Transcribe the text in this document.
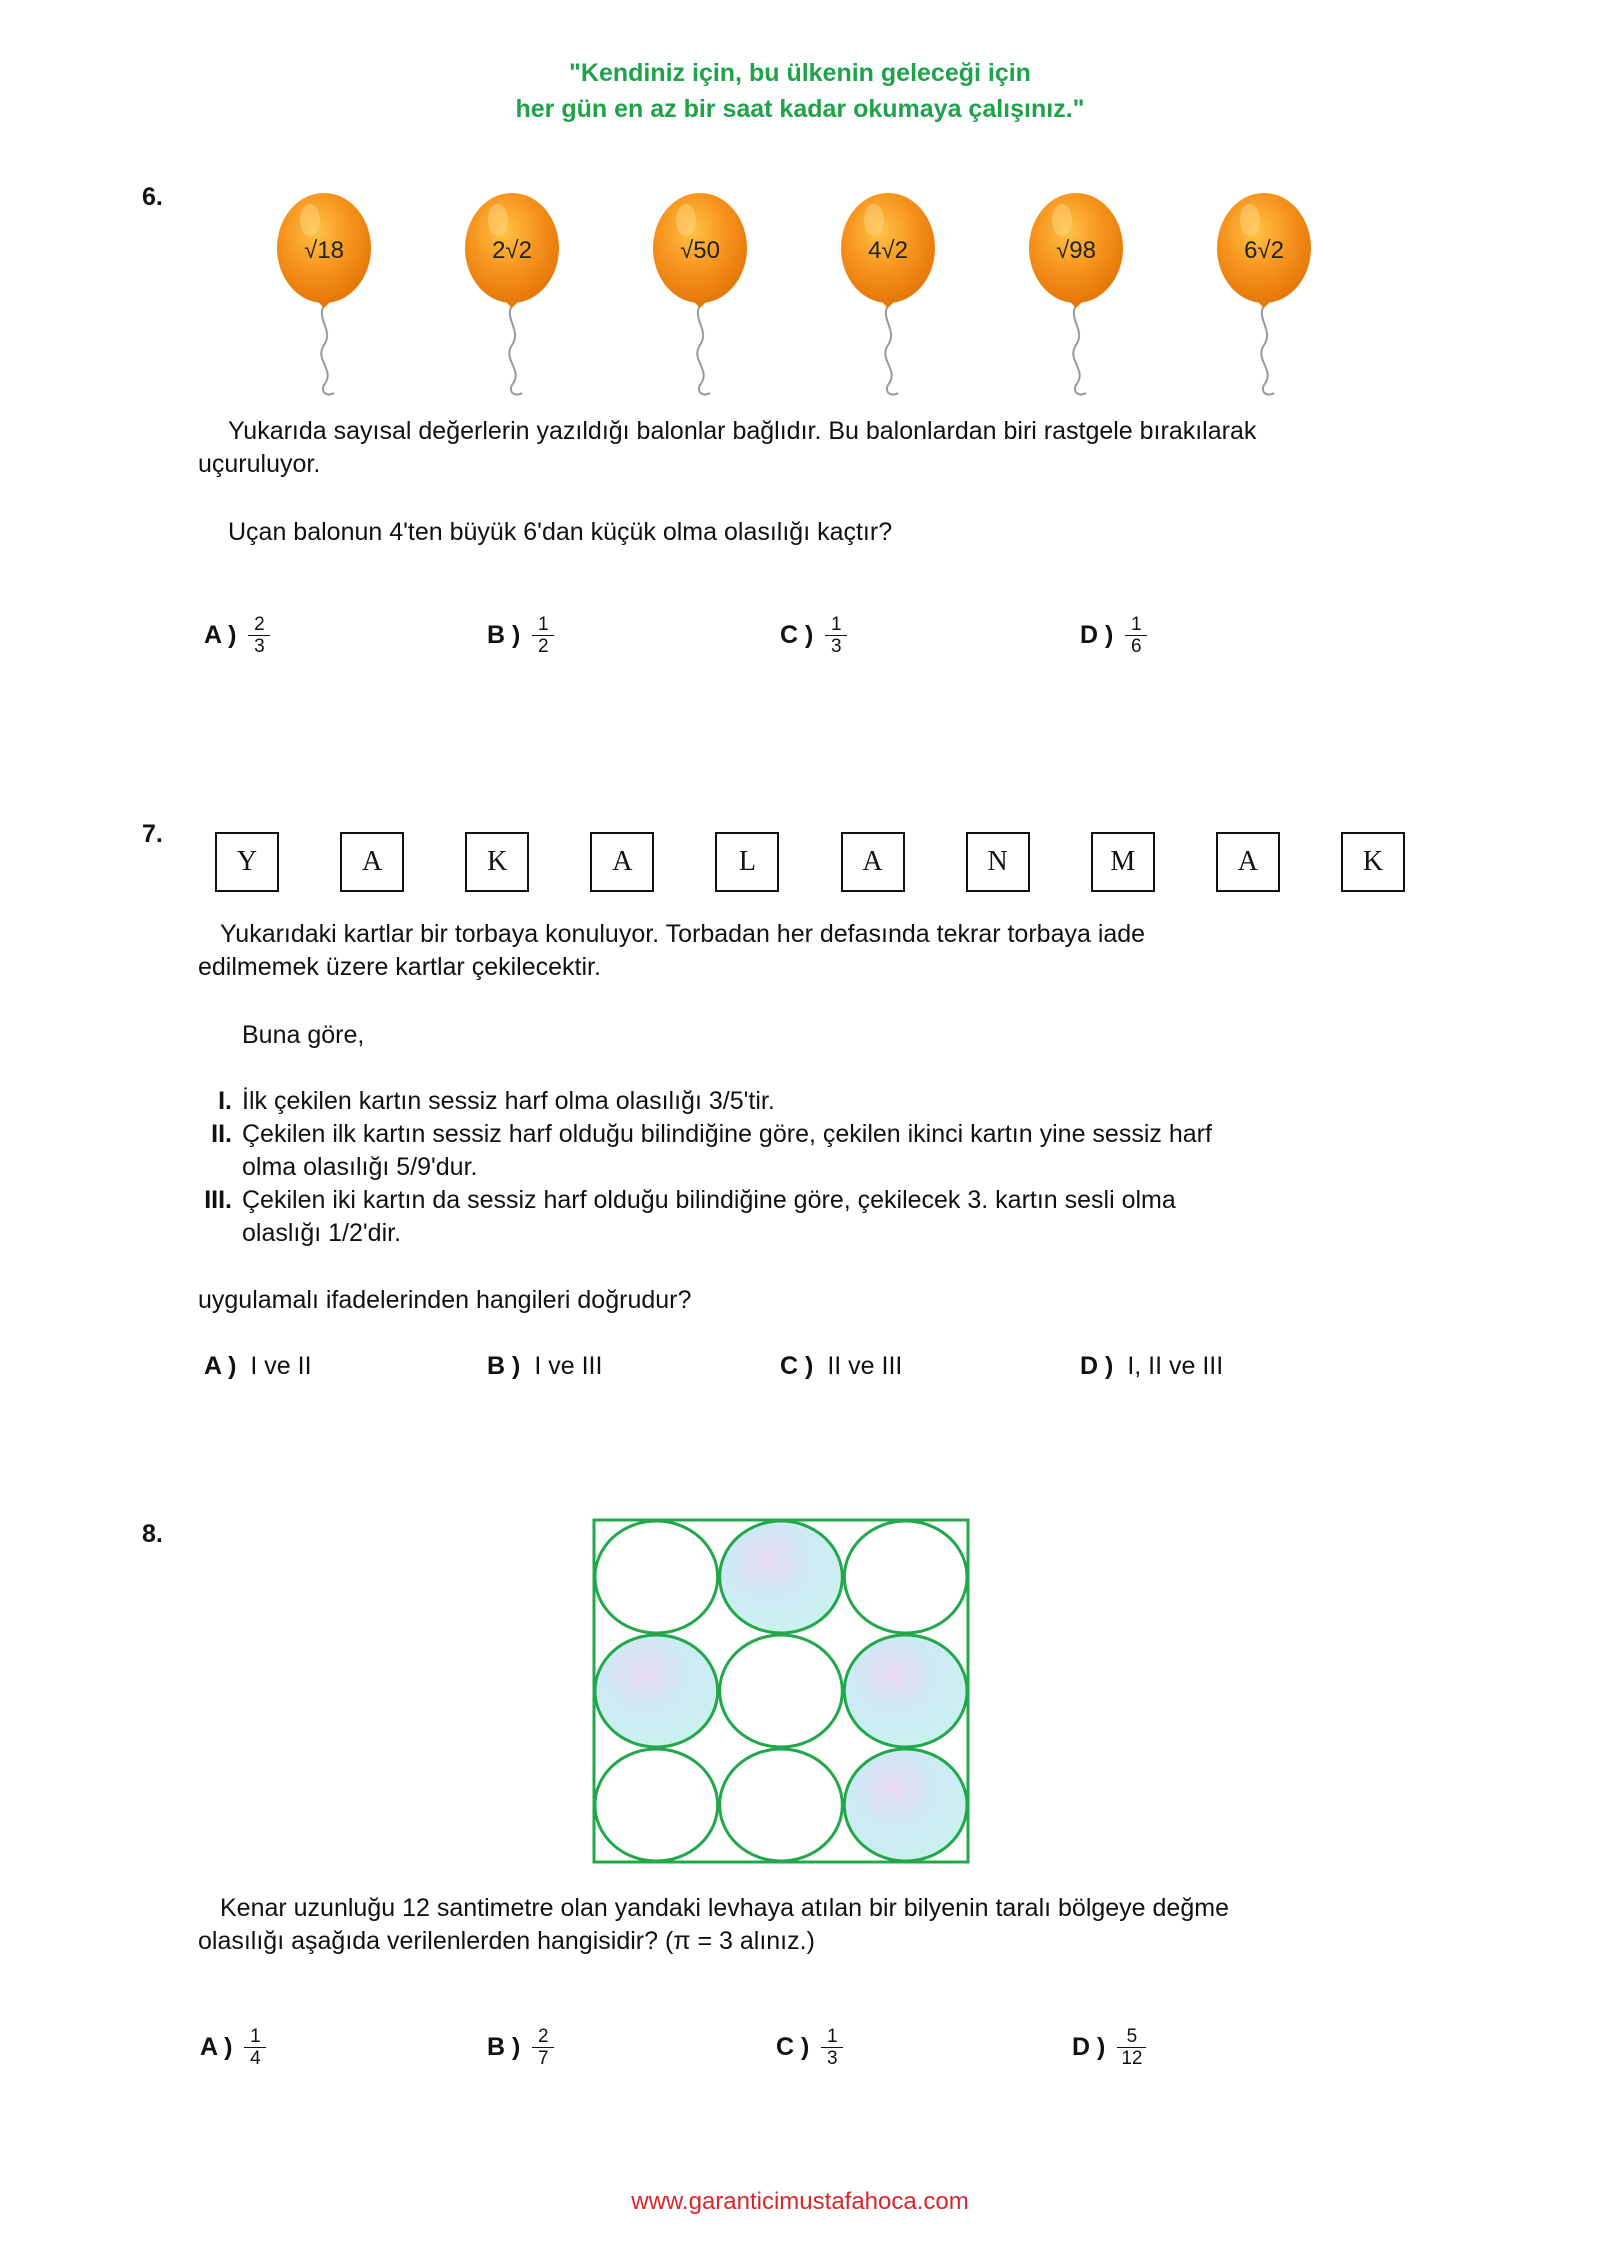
"Kendiniz için, bu ülkenin geleceği için
her gün en az bir saat kadar okumaya çalışınız."
6.
√18	2√2	√50	4√2	√98	6√2
Yukarıda sayısal değerlerin yazıldığı balonlar bağlıdır. Bu balonlardan biri rastgele bırakılarak
uçuruluyor.
Uçan balonun 4'ten büyük 6'dan küçük olma olasılığı kaçtır?
A ) $\frac{2}{3}$	B ) $\frac{1}{2}$	C ) $\frac{1}{3}$	D ) $\frac{1}{6}$
7.
Y	A	K	A	L	A	N	M	A	K
Yukarıdaki kartlar bir torbaya konuluyor. Torbadan her defasında tekrar torbaya iade
edilmemek üzere kartlar çekilecektir.
Buna göre,
I. İlk çekilen kartın sessiz harf olma olasılığı 3/5'tir.
II. Çekilen ilk kartın sessiz harf olduğu bilindiğine göre, çekilen ikinci kartın yine sessiz harf
olma olasılığı 5/9'dur.
III. Çekilen iki kartın da sessiz harf olduğu bilindiğine göre, çekilecek 3. kartın sesli olma
olaslığı 1/2'dir.
uygulamalı ifadelerinden hangileri doğrudur?
A ) I ve II	B ) I ve III	C ) II ve III	D ) I, II ve III
8.
Kenar uzunluğu 12 santimetre olan yandaki levhaya atılan bir bilyenin taralı bölgeye değme
olasılığı aşağıda verilenlerden hangisidir? (π = 3 alınız.)
A ) $\frac{1}{4}$	B ) $\frac{2}{7}$	C ) $\frac{1}{3}$	D ) $\frac{5}{12}$
www.garanticimustafahoca.com
